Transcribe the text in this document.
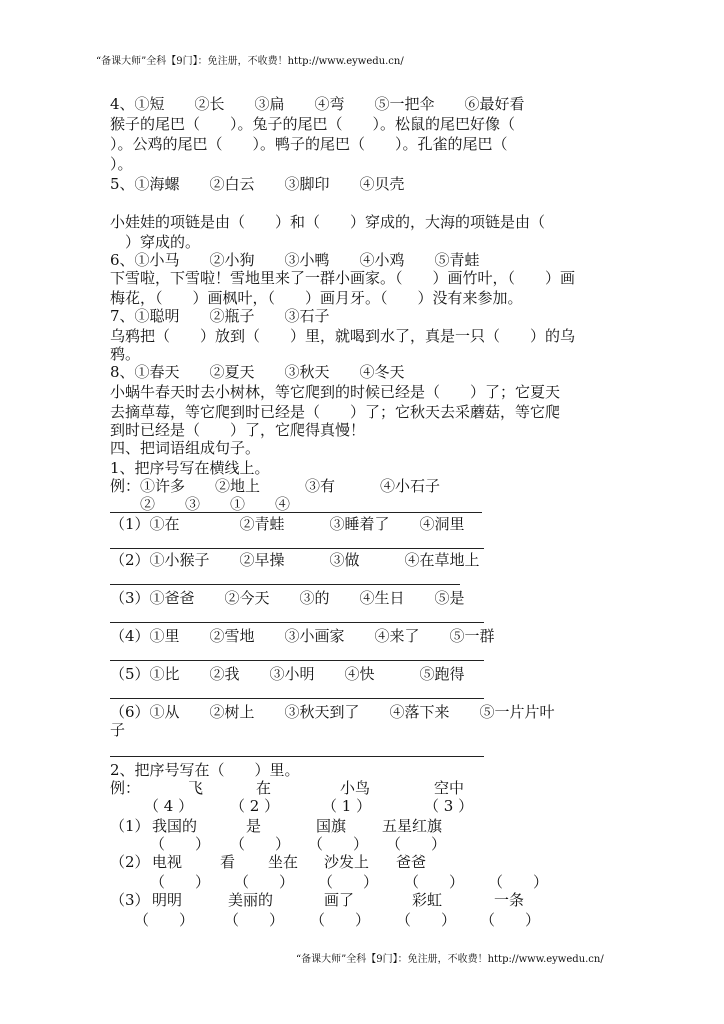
“备课大师”全科【9门】：免注册，不收费！http://www.eywedu.cn/
4、①短　　②长　　③扁　　④弯　　⑤一把伞　　⑥最好看
猴子的尾巴（　　）。兔子的尾巴（　　）。松鼠的尾巴好像（
）。公鸡的尾巴（　　）。鸭子的尾巴（　　）。孔雀的尾巴（
）。
5、①海螺　　②白云　　③脚印　　④贝壳
小娃娃的项链是由（　　）和（　　）穿成的，大海的项链是由（
　）穿成的。
6、①小马　　②小狗　　③小鸭　　④小鸡　　⑤青蛙
下雪啦，下雪啦！雪地里来了一群小画家。（　　）画竹叶，（　　）画
梅花，（　　）画枫叶，（　　）画月牙。（　　）没有来参加。
7、①聪明　　②瓶子　　③石子
乌鸦把（　　）放到（　　）里，就喝到水了，真是一只（　　）的乌
鸦。
8、①春天　　②夏天　　③秋天　　④冬天
小蜗牛春天时去小树林，等它爬到的时候已经是（　　）了；它夏天
去摘草莓，等它爬到时已经是（　　）了；它秋天去采蘑菇，等它爬
到时已经是（　　）了，它爬得真慢！
四、把词语组成句子。
1、把序号写在横线上。
例：①许多　　②地上　　　③有　　　④小石子
　　②　　③　　①　　④
（1）①在　　　　②青蛙　　　③睡着了　　④洞里
（2）①小猴子　　②早操　　　③做　　　④在草地上
（3）①爸爸　　②今天　　③的　　④生日　　⑤是
（4）①里　　②雪地　　③小画家　　④来了　　⑤一群
（5）①比　　②我　　③小明　　④快　　　⑤跑得
（6）①从　　②树上　　③秋天到了　　④落下来　　⑤一片片叶
子
2、把序号写在（　　）里。
例：	飞	在	小鸟	空中
（ 4 ） （ 2 ）	（ 1 ）	（ 3 ）
（1） 我国的	是	国旗 五星红旗
（　　） （　　） （　　） （　　）
（2） 电视	看 坐在 沙发上 爸爸
（　　） （　　） （　　） （　　） （　　）
（3） 明明	美丽的	画了	彩虹	一条
（　　） （　　） （　　） （　　） （　　）
“备课大师”全科【9门】：免注册，不收费！http://www.eywedu.cn/
